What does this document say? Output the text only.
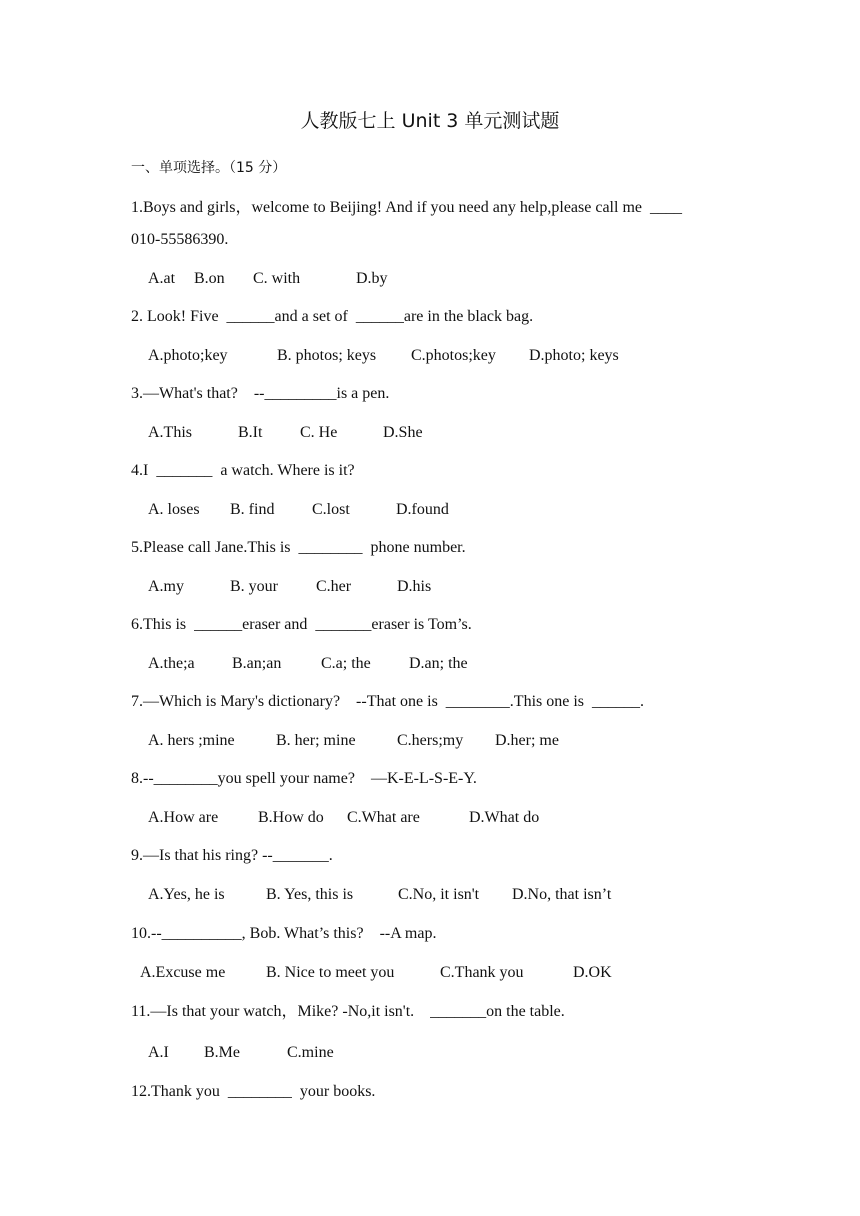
人教版七上 Unit 3 单元测试题
一、单项选择。（15 分）
1.Boys and girls，welcome to Beijing! And if you need any help,please call me  ____
010-55586390.
A.at B.on C. with	D.by
2. Look! Five  ______and a set of  ______are in the black bag.
A.photo;key	B. photos; keys C.photos;key D.photo; keys
3.—What's that?    --_________is a pen.
A.This	B.It C. He	D.She
4.I  _______  a watch. Where is it?
A. loses B. find C.lost	D.found
5.Please call Jane.This is  ________  phone number.
A.my	B. your C.her	D.his
6.This is  ______eraser and  _______eraser is Tom’s.
A.the;a B.an;an C.a; the D.an; the
7.—Which is Mary's dictionary?    --That one is  ________.This one is  ______.
A. hers ;mine	B. her; mine	C.hers;my D.her; me
8.--________you spell your name?    —K-E-L-S-E-Y.
A.How are B.How do C.What are	D.What do
9.—Is that his ring? --_______.
A.Yes, he is	B. Yes, this is	C.No, it isn't D.No, that isn’t
10.--__________, Bob. What’s this?    --A map.
A.Excuse me	B. Nice to meet you	C.Thank you	D.OK
11.—Is that your watch，Mike? -No,it isn't.    _______on the table.
A.I B.Me	C.mine
12.Thank you  ________  your books.
